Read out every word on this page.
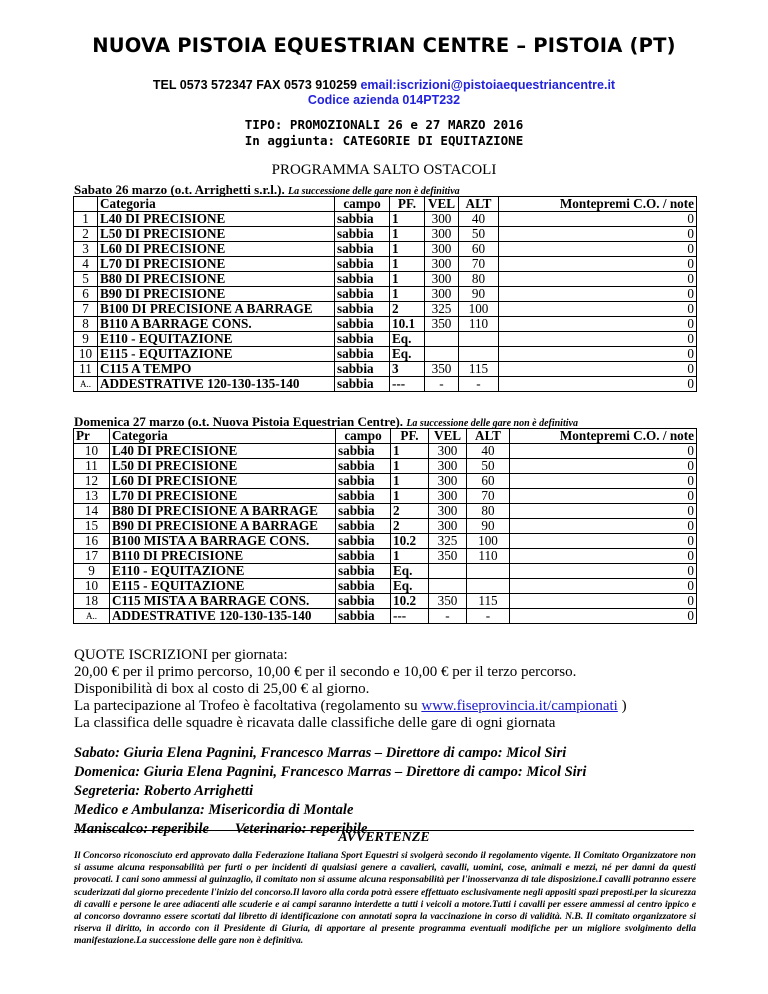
NUOVA PISTOIA EQUESTRIAN CENTRE – PISTOIA (PT)
TEL 0573 572347 FAX 0573 910259 email:iscrizioni@pistoiaequestriancentre.it
Codice azienda 014PT232
TIPO: PROMOZIONALI 26 e 27 MARZO 2016
In aggiunta: CATEGORIE DI EQUITAZIONE
PROGRAMMA SALTO OSTACOLI
Sabato 26 marzo (o.t. Arrighetti s.r.l.). La successione delle gare non è definitiva
	Categoria	campo	PF.	VEL	ALT	Montepremi C.O. / note
1	L40 DI PRECISIONE	sabbia	1	300	40	0
2	L50 DI PRECISIONE	sabbia	1	300	50	0
3	L60 DI PRECISIONE	sabbia	1	300	60	0
4	L70 DI PRECISIONE	sabbia	1	300	70	0
5	B80 DI PRECISIONE	sabbia	1	300	80	0
6	B90 DI PRECISIONE	sabbia	1	300	90	0
7	B100 DI PRECISIONE A BARRAGE	sabbia	2	325	100	0
8	B110 A BARRAGE CONS.	sabbia	10.1	350	110	0
9	E110 - EQUITAZIONE	sabbia	Eq.			0
10	E115 - EQUITAZIONE	sabbia	Eq.			0
11	C115 A TEMPO	sabbia	3	350	115	0
A..	ADDESTRATIVE 120-130-135-140	sabbia	---	-	-	0
Domenica 27 marzo (o.t. Nuova Pistoia Equestrian Centre). La successione delle gare non è definitiva
Pr	Categoria	campo	PF.	VEL	ALT	Montepremi C.O. / note
10	L40 DI PRECISIONE	sabbia	1	300	40	0
11	L50 DI PRECISIONE	sabbia	1	300	50	0
12	L60 DI PRECISIONE	sabbia	1	300	60	0
13	L70 DI PRECISIONE	sabbia	1	300	70	0
14	B80 DI PRECISIONE A BARRAGE	sabbia	2	300	80	0
15	B90 DI PRECISIONE A BARRAGE	sabbia	2	300	90	0
16	B100 MISTA A BARRAGE CONS.	sabbia	10.2	325	100	0
17	B110 DI PRECISIONE	sabbia	1	350	110	0
9	E110 - EQUITAZIONE	sabbia	Eq.			0
10	E115 - EQUITAZIONE	sabbia	Eq.			0
18	C115 MISTA A BARRAGE CONS.	sabbia	10.2	350	115	0
A..	ADDESTRATIVE 120-130-135-140	sabbia	---	-	-	0
QUOTE ISCRIZIONI per giornata:
20,00 € per il primo percorso, 10,00 € per il secondo e 10,00 € per il terzo percorso.
Disponibilità di box al costo di 25,00 € al giorno.
La partecipazione al Trofeo è facoltativa (regolamento su www.fiseprovincia.it/campionati )
La classifica delle squadre è ricavata dalle classifiche delle gare di ogni giornata
Sabato: Giuria Elena Pagnini, Francesco Marras – Direttore di campo: Micol Siri
Domenica: Giuria Elena Pagnini, Francesco Marras – Direttore di campo: Micol Siri
Segreteria: Roberto Arrighetti
Medico e Ambulanza: Misericordia di Montale
Maniscalco: reperibile Veterinario: reperibile
AVVERTENZE
Il Concorso riconosciuto erd approvato dalla Federazione Italiana Sport Equestri si svolgerà secondo il regolamento vigente. Il Comitato Organizzatore non si assume alcuna responsabilità per furti o per incidenti di qualsiasi genere a cavalieri, cavalli, uomini, cose, animali e mezzi, né per danni da questi provocati. I cani sono ammessi al guinzaglio, il comitato non si assume alcuna responsabilità per l'inosservanza di tale disposizione.I cavalli potranno essere scuderizzati dal giorno precedente l'inizio del concorso.Il lavoro alla corda potrà essere effettuato esclusivamente negli appositi spazi preposti.per la sicurezza di cavalli e persone le aree adiacenti alle scuderie e ai campi saranno interdette a tutti i veicoli a motore.Tutti i cavalli per essere ammessi al centro ippico e al concorso dovranno essere scortati dal libretto di identificazione con annotati sopra la vaccinazione in corso di validità. N.B. Il comitato organizzatore si riserva il diritto, in accordo con il Presidente di Giuria, di apportare al presente programma eventuali modifiche per un migliore svolgimento della manifestazione.La successione delle gare non è definitiva.
